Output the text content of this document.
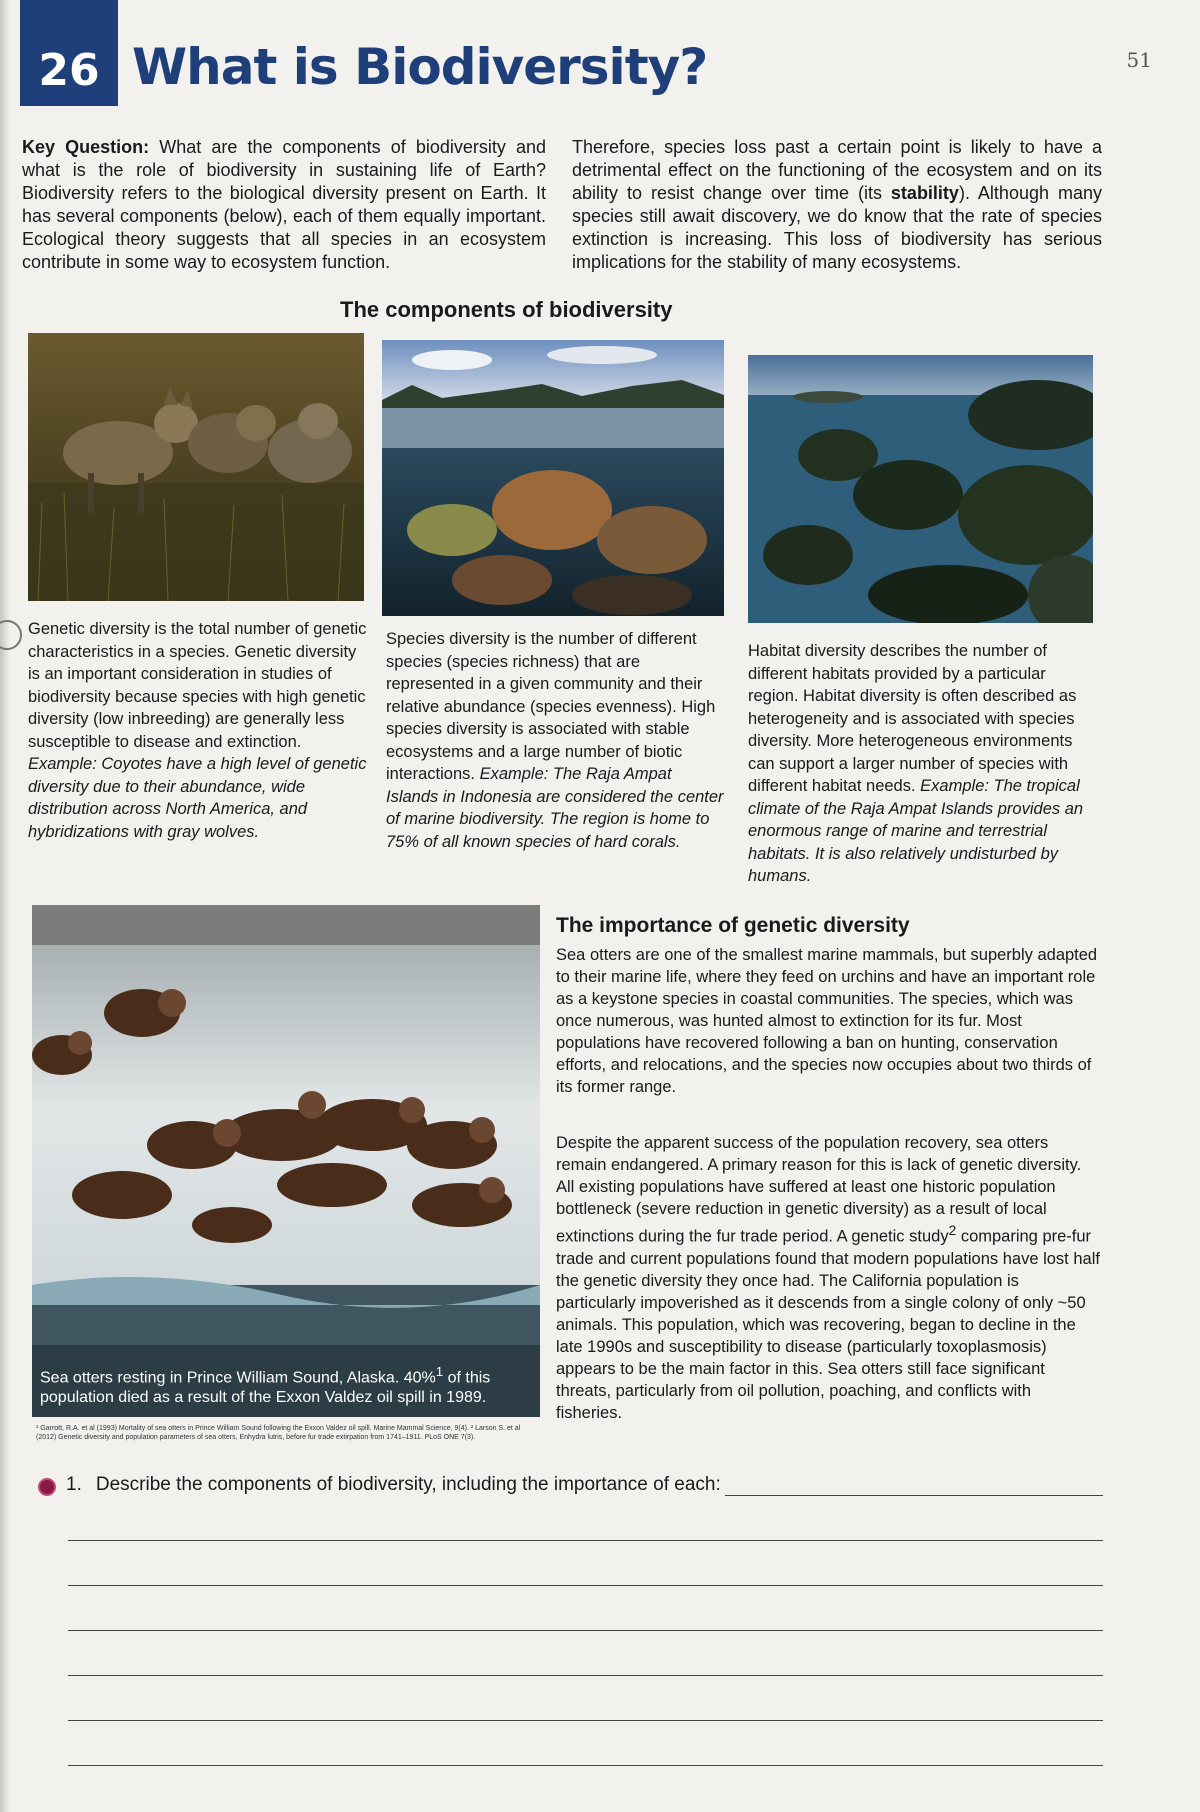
26 What is Biodiversity?	51

Key Question: What are the components of biodiversity and what is the role of biodiversity in sustaining life of Earth? Biodiversity refers to the biological diversity present on Earth. It has several components (below), each of them equally important. Ecological theory suggests that all species in an ecosystem contribute in some way to ecosystem function.

Therefore, species loss past a certain point is likely to have a detrimental effect on the functioning of the ecosystem and on its ability to resist change over time (its stability). Although many species still await discovery, we do know that the rate of species extinction is increasing. This loss of biodiversity has serious implications for the stability of many ecosystems.

The components of biodiversity
Genetic diversity is the total number of genetic characteristics in a species. Genetic diversity is an important consideration in studies of biodiversity because species with high genetic diversity (low inbreeding) are generally less susceptible to disease and extinction. Example: Coyotes have a high level of genetic diversity due to their abundance, wide distribution across North America, and hybridizations with gray wolves.
Species diversity is the number of different species (species richness) that are represented in a given community and their relative abundance (species evenness). High species diversity is associated with stable ecosystems and a large number of biotic interactions. Example: The Raja Ampat Islands in Indonesia are considered the center of marine biodiversity. The region is home to 75% of all known species of hard corals.
Habitat diversity describes the number of different habitats provided by a particular region. Habitat diversity is often described as heterogeneity and is associated with species diversity. More heterogeneous environments can support a larger number of species with different habitat needs. Example: The tropical climate of the Raja Ampat Islands provides an enormous range of marine and terrestrial habitats. It is also relatively undisturbed by humans.

Sea otters resting in Prince William Sound, Alaska. 40%$^1$ of this population died as a result of the Exxon Valdez oil spill in 1989.

The importance of genetic diversity

Sea otters are one of the smallest marine mammals, but superbly adapted to their marine life, where they feed on urchins and have an important role as a keystone species in coastal communities. The species, which was once numerous, was hunted almost to extinction for its fur. Most populations have recovered following a ban on hunting, conservation efforts, and relocations, and the species now occupies about two thirds of its former range.

Despite the apparent success of the population recovery, sea otters remain endangered. A primary reason for this is lack of genetic diversity. All existing populations have suffered at least one historic population bottleneck (severe reduction in genetic diversity) as a result of local extinctions during the fur trade period. A genetic study$^2$ comparing pre-fur trade and current populations found that modern populations have lost half the genetic diversity they once had. The California population is particularly impoverished as it descends from a single colony of only ~50 animals. This population, which was recovering, began to decline in the late 1990s and susceptibility to disease (particularly toxoplasmosis) appears to be the main factor in this. Sea otters still face significant threats, particularly from oil pollution, poaching, and conflicts with fisheries.

¹ Garrott, R.A. et al (1993) Mortality of sea otters in Prince William Sound following the Exxon Valdez oil spill. Marine Mammal Science, 9(4). ² Larson S. et al (2012) Genetic diversity and population parameters of sea otters, Enhydra lutris, before fur trade extirpation from 1741–1911. PLoS ONE 7(3).

1. Describe the components of biodiversity, including the importance of each:
